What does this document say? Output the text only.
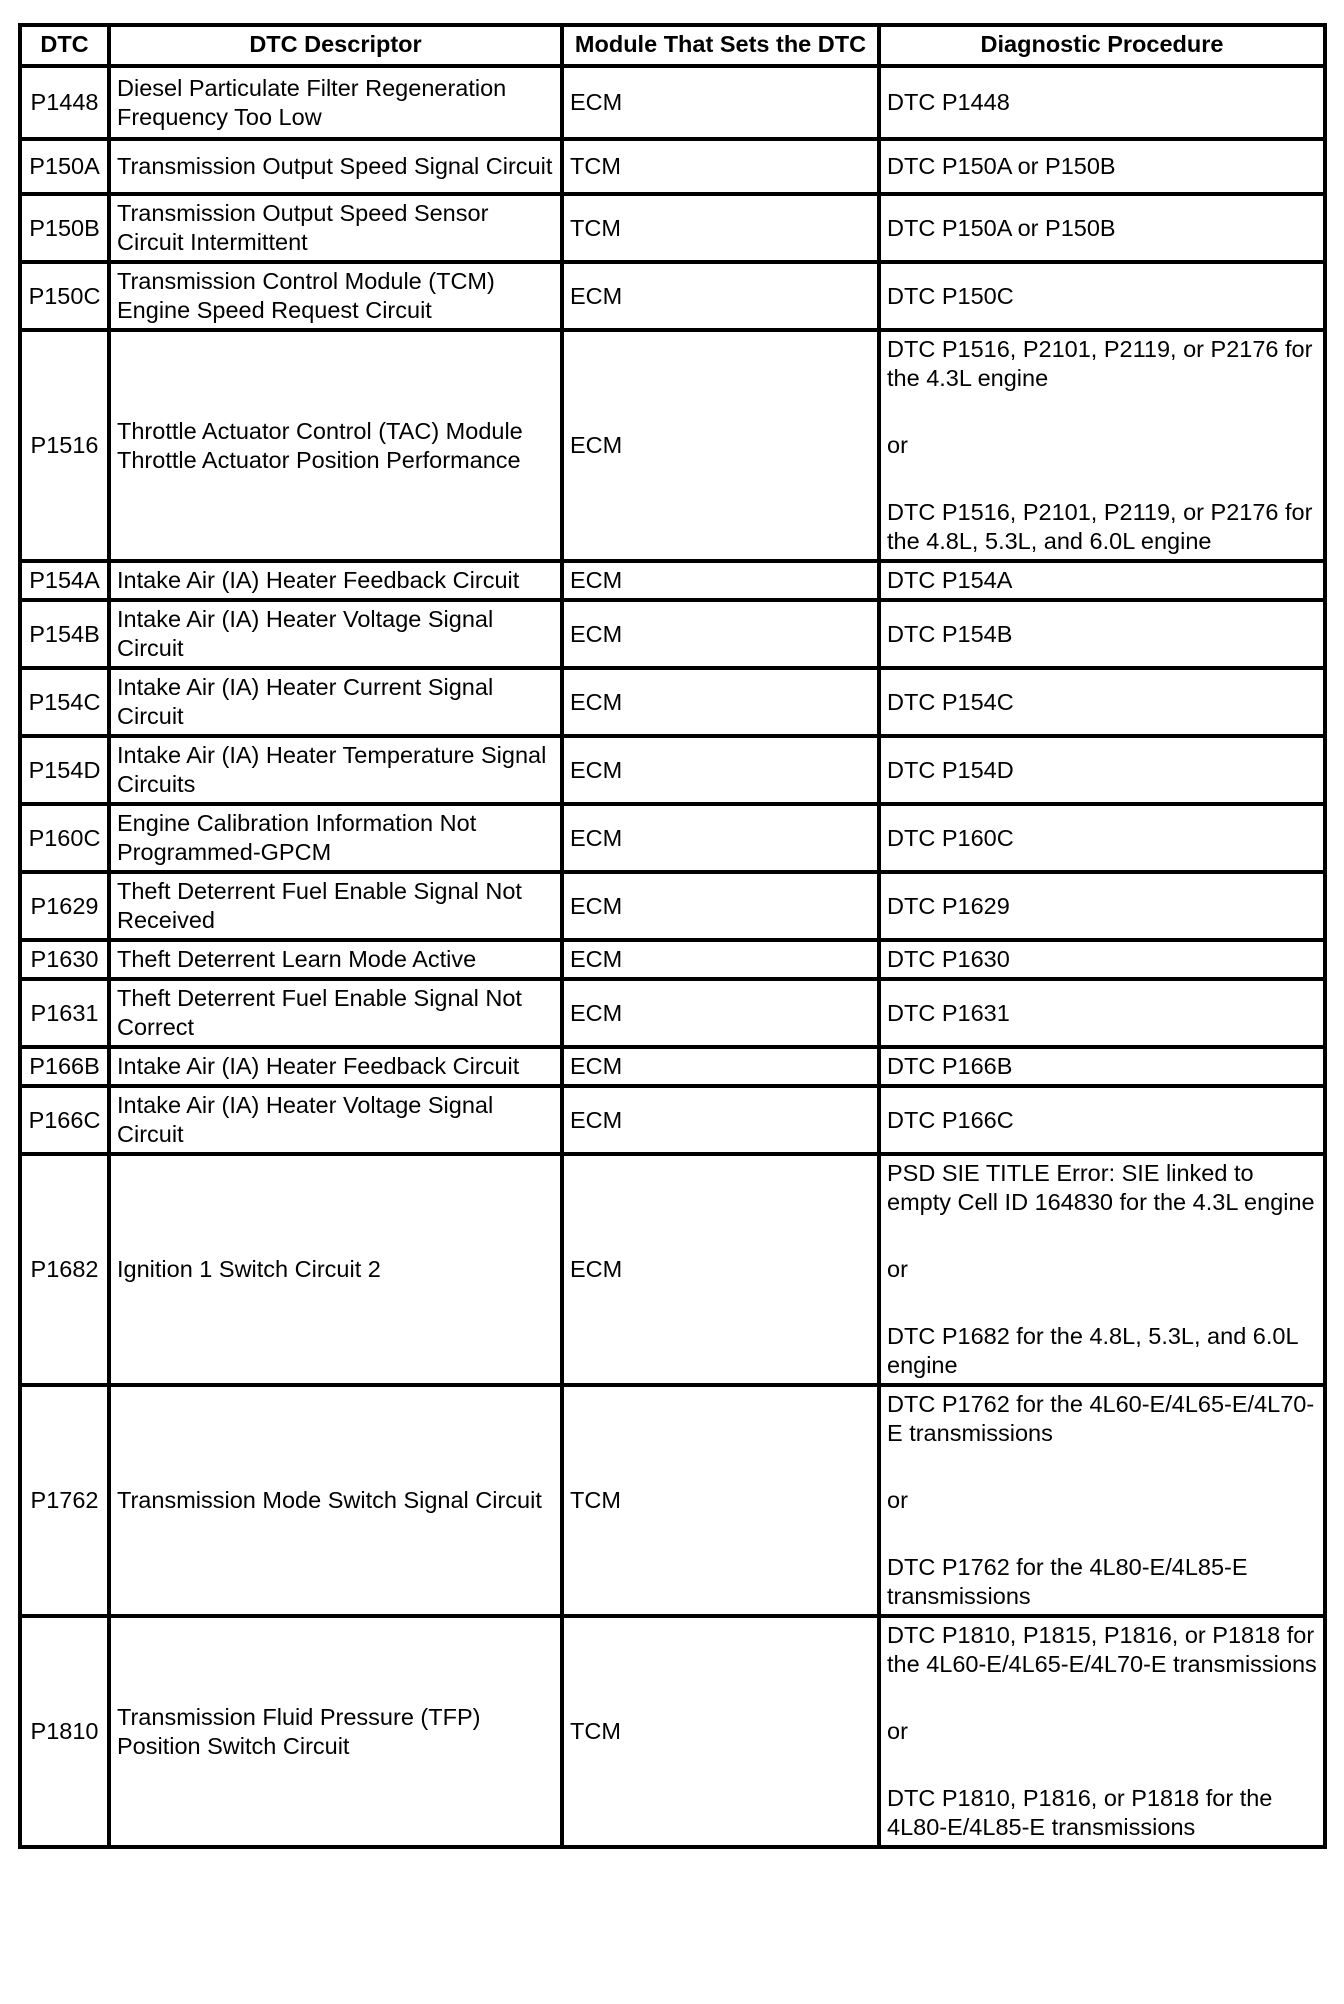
DTC	DTC Descriptor	Module That Sets the DTC	Diagnostic Procedure
P1448	Diesel Particulate Filter Regeneration Frequency Too Low	ECM	DTC P1448

P150A	Transmission Output Speed Signal Circuit	TCM	DTC P150A or P150B

P150B	Transmission Output Speed Sensor Circuit Intermittent	TCM	DTC P150A or P150B

P150C	Transmission Control Module (TCM) Engine Speed Request Circuit	ECM	DTC P150C

P1516	Throttle Actuator Control (TAC) Module Throttle Actuator Position Performance	ECM	DTC P1516, P2101, P2119, or P2176 for the 4.3L engine
or
DTC P1516, P2101, P2119, or P2176 for the 4.8L, 5.3L, and 6.0L engine

P154A	Intake Air (IA) Heater Feedback Circuit	ECM	DTC P154A

P154B	Intake Air (IA) Heater Voltage Signal Circuit	ECM	DTC P154B

P154C	Intake Air (IA) Heater Current Signal Circuit	ECM	DTC P154C

P154D	Intake Air (IA) Heater Temperature Signal Circuits	ECM	DTC P154D

P160C	Engine Calibration Information Not Programmed-GPCM	ECM	DTC P160C

P1629	Theft Deterrent Fuel Enable Signal Not Received	ECM	DTC P1629

P1630	Theft Deterrent Learn Mode Active	ECM	DTC P1630

P1631	Theft Deterrent Fuel Enable Signal Not Correct	ECM	DTC P1631

P166B	Intake Air (IA) Heater Feedback Circuit	ECM	DTC P166B

P166C	Intake Air (IA) Heater Voltage Signal Circuit	ECM	DTC P166C

P1682	Ignition 1 Switch Circuit 2	ECM	PSD SIE TITLE Error: SIE linked to empty Cell ID 164830 for the 4.3L engine
or
DTC P1682 for the 4.8L, 5.3L, and 6.0L engine

P1762	Transmission Mode Switch Signal Circuit	TCM	DTC P1762 for the 4L60-E/4L65-E/4L70-E transmissions
or
DTC P1762 for the 4L80-E/4L85-E transmissions

P1810	Transmission Fluid Pressure (TFP) Position Switch Circuit	TCM	DTC P1810, P1815, P1816, or P1818 for the 4L60-E/4L65-E/4L70-E transmissions
or
DTC P1810, P1816, or P1818 for the 4L80-E/4L85-E transmissions
